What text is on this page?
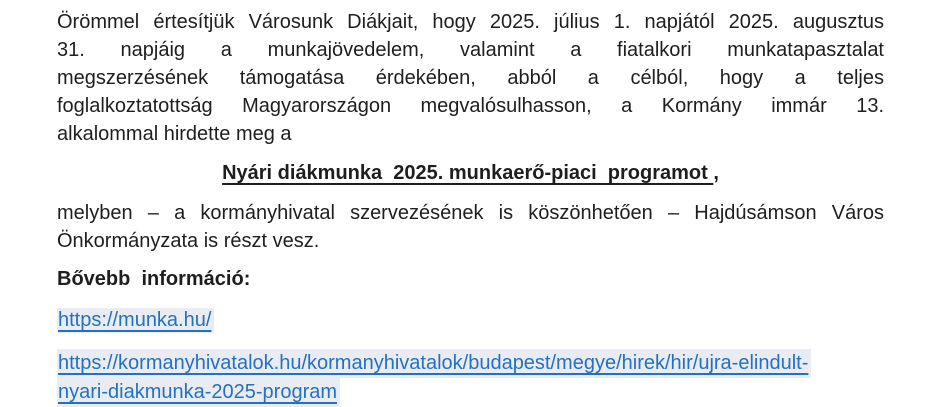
Örömmel értesítjük Városunk Diákjait, hogy 2025. július 1. napjától 2025. augusztus
31. napjáig a munkajövedelem, valamint a fiatalkori munkatapasztalat
megszerzésének támogatása érdekében, abból a célból, hogy a teljes
foglalkoztatottság Magyarországon megvalósulhasson, a Kormány immár 13.
alkalommal hirdette meg a
Nyári diákmunka  2025. munkaerő-piaci  programot ,
melyben – a kormányhivatal szervezésének is köszönhetően – Hajdúsámson Város
Önkormányzata is részt vesz.
Bővebb  információ:
https://munka.hu/
https://kormanyhivatalok.hu/kormanyhivatalok/budapest/megye/hirek/hir/ujra-elindult-
nyari-diakmunka-2025-program
